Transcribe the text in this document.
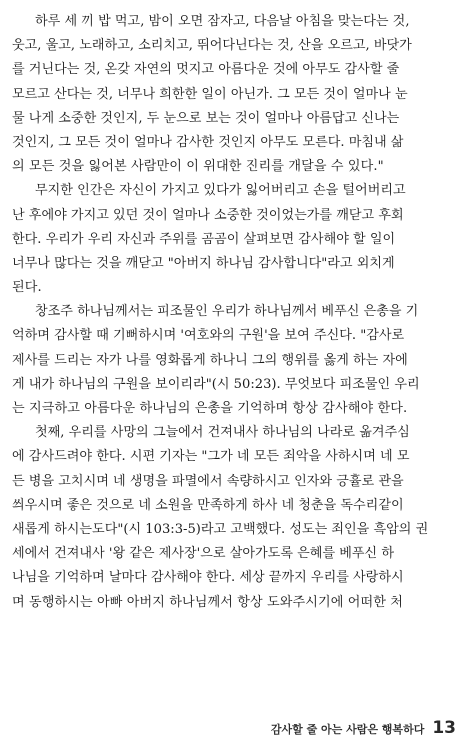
하루 세 끼 밥 먹고, 밤이 오면 잠자고, 다음날 아침을 맞는다는 것,
웃고, 울고, 노래하고, 소리치고, 뛰어다닌다는 것, 산을 오르고, 바닷가
를 거닌다는 것, 온갖 자연의 멋지고 아름다운 것에 아무도 감사할 줄
모르고 산다는 것, 너무나 희한한 일이 아닌가. 그 모든 것이 얼마나 눈
물 나게 소중한 것인지, 두 눈으로 보는 것이 얼마나 아름답고 신나는
것인지, 그 모든 것이 얼마나 감사한 것인지 아무도 모른다. 마침내 삶
의 모든 것을 잃어본 사람만이 이 위대한 진리를 개달을 수 있다."
무지한 인간은 자신이 가지고 있다가 잃어버리고 손을 털어버리고
난 후에야 가지고 있던 것이 얼마나 소중한 것이었는가를 깨닫고 후회
한다. 우리가 우리 자신과 주위를 곰곰이 살펴보면 감사해야 할 일이
너무나 많다는 것을 깨닫고 "아버지 하나님 감사합니다"라고 외치게
된다.
창조주 하나님께서는 피조물인 우리가 하나님께서 베푸신 은총을 기
억하며 감사할 때 기뻐하시며 '여호와의 구원'을 보여 주신다. "감사로
제사를 드리는 자가 나를 영화롭게 하나니 그의 행위를 옳게 하는 자에
게 내가 하나님의 구원을 보이리라"(시 50:23). 무엇보다 피조물인 우리
는 지극하고 아름다운 하나님의 은총을 기억하며 항상 감사해야 한다.
첫째, 우리를 사망의 그늘에서 건져내사 하나님의 나라로 옮겨주심
에 감사드려야 한다. 시편 기자는 "그가 네 모든 죄악을 사하시며 네 모
든 병을 고치시며 네 생명을 파멸에서 속량하시고 인자와 긍휼로 관을
씌우시며 좋은 것으로 네 소원을 만족하게 하사 네 청춘을 독수리같이
새롭게 하시는도다"(시 103:3-5)라고 고백했다. 성도는 죄인을 흑암의 권
세에서 건져내사 '왕 같은 제사장'으로 살아가도록 은혜를 베푸신 하
나님을 기억하며 날마다 감사해야 한다. 세상 끝까지 우리를 사랑하시
며 동행하시는 아빠 아버지 하나님께서 항상 도와주시기에 어떠한 처
감사할 줄 아는 사람은 행복하다 13
